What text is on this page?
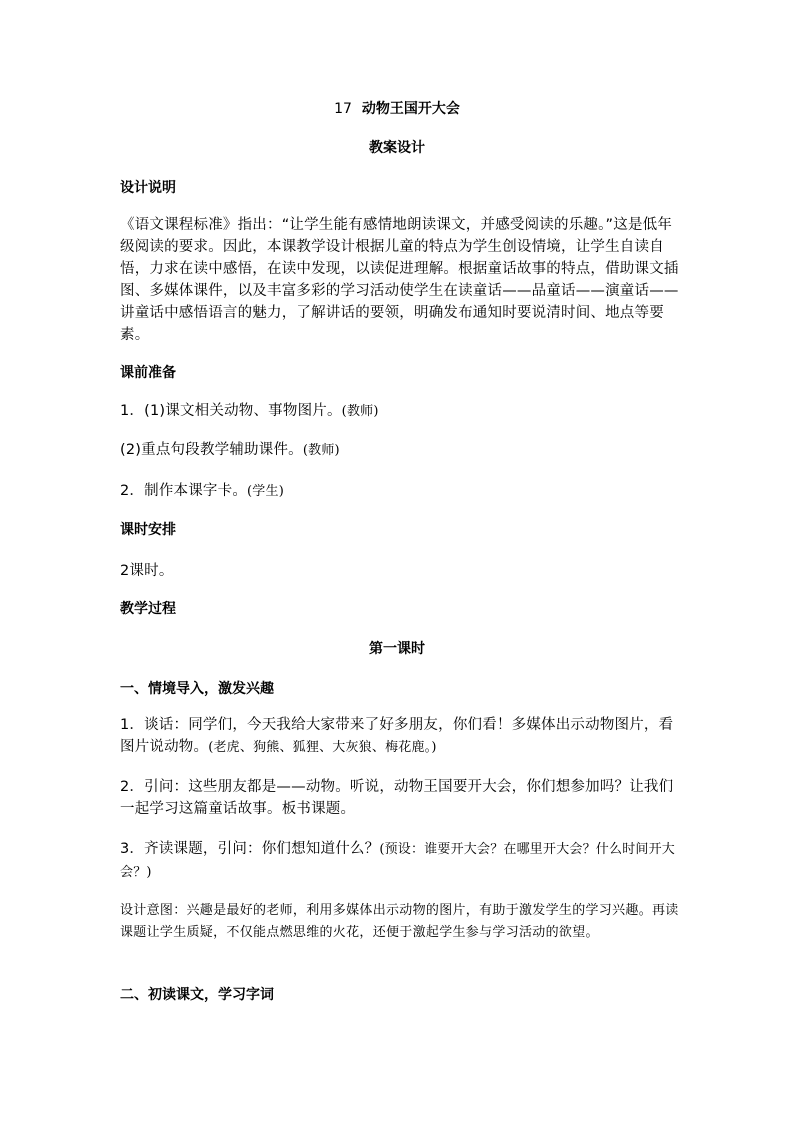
17 动物王国开大会
教案设计
设计说明

《语文课程标准》指出：“让学生能有感情地朗读课文，并感受阅读的乐趣。”这是低年级阅读的要求。因此，本课教学设计根据儿童的特点为学生创设情境，让学生自读自悟，力求在读中感悟，在读中发现，以读促进理解。根据童话故事的特点，借助课文插图、多媒体课件，以及丰富多彩的学习活动使学生在读童话——品童话——演童话——讲童话中感悟语言的魅力，了解讲话的要领，明确发布通知时要说清时间、地点等要素。

课前准备
1．(1)课文相关动物、事物图片。(教师)
(2)重点句段教学辅助课件。(教师)
2．制作本课字卡。(学生)
课时安排
2课时。
教学过程
第一课时
一、情境导入，激发兴趣

1．谈话：同学们，今天我给大家带来了好多朋友，你们看！多媒体出示动物图片，看图片说动物。(老虎、狗熊、狐狸、大灰狼、梅花鹿。)

2．引问：这些朋友都是——动物。听说，动物王国要开大会，你们想参加吗？让我们一起学习这篇童话故事。板书课题。

3．齐读课题，引问：你们想知道什么？(预设：谁要开大会？在哪里开大会？什么时间开大会？)

设计意图：兴趣是最好的老师，利用多媒体出示动物的图片，有助于激发学生的学习兴趣。再读课题让学生质疑，不仅能点燃思维的火花，还便于激起学生参与学习活动的欲望。

二、初读课文，学习字词
